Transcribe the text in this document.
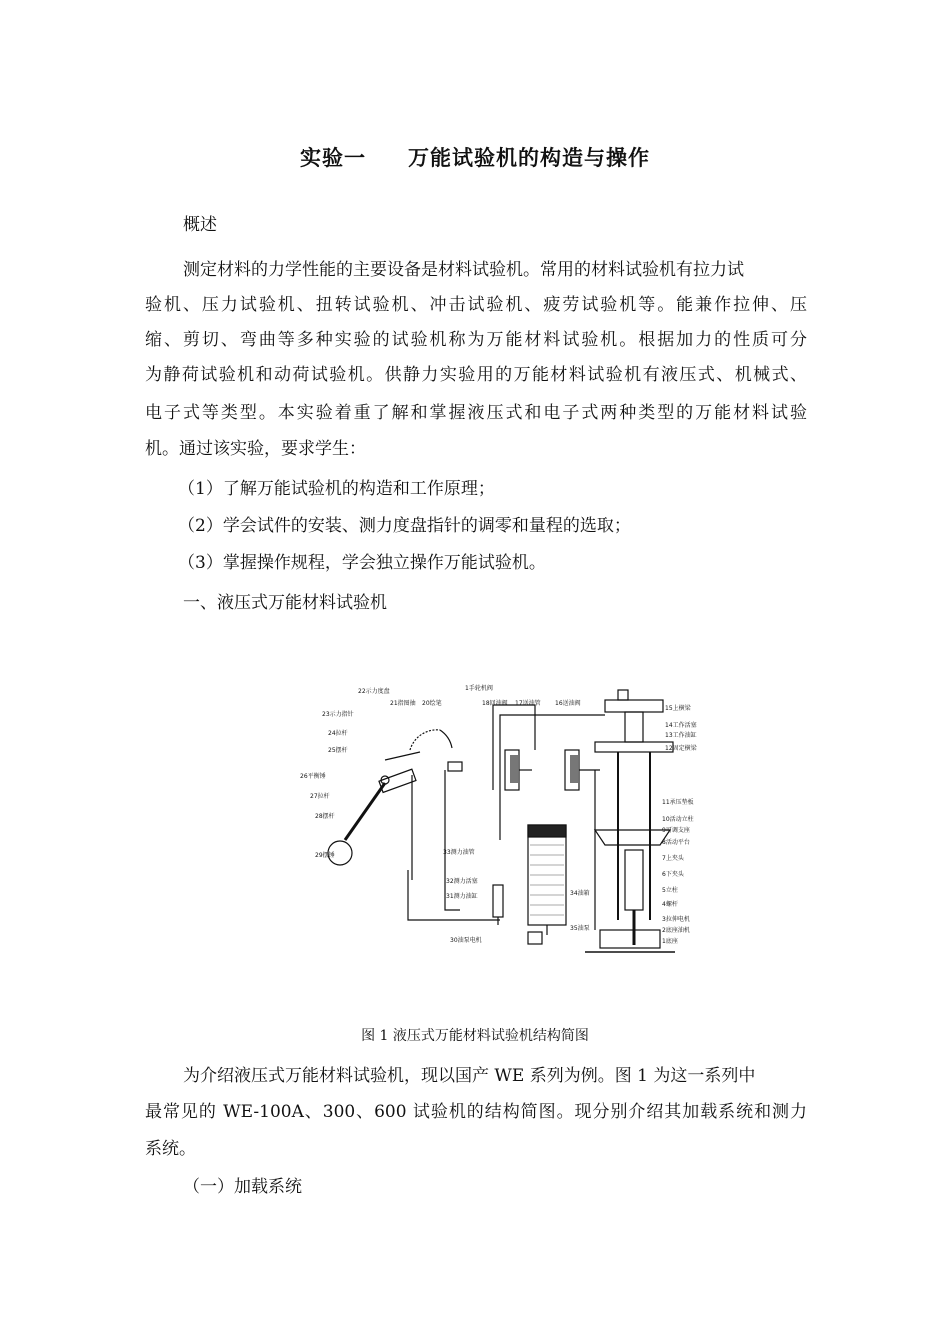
实验一 万能试验机的构造与操作
概述
测定材料的力学性能的主要设备是材料试验机。常用的材料试验机有拉力试
验机、压力试验机、扭转试验机、冲击试验机、疲劳试验机等。能兼作拉伸、压
缩、剪切、弯曲等多种实验的试验机称为万能材料试验机。根据加力的性质可分
为静荷试验机和动荷试验机。供静力实验用的万能材料试验机有液压式、机械式、
电子式等类型。本实验着重了解和掌握液压式和电子式两种类型的万能材料试验
机。通过该实验，要求学生：
（1）了解万能试验机的构造和工作原理；
（2）学会试件的安装、测力度盘指针的调零和量程的选取；
（3）掌握操作规程，学会独立操作万能试验机。
一、液压式万能材料试验机
22示力度盘
21指图抽 20绘笔
23示力指针
24拉杆
25摆杆
26平衡锤
27拉杆
28摆杆
29摆锤
1手轮机阀
18回油阀 17送油管 16送油阀
15上横梁
14工作活塞
13工作油缸
12固定横梁
11承压垫板
10活动立柱
9可调支座
8活动平台
7上夹头
6下夹头
5立柱
4螺杆
3拉伸电机
2底座油机
1底座
33测力油管
32测力活塞
31测力油缸	34油箱
30油泵电机
35油泵
图 1 液压式万能材料试验机结构简图
为介绍液压式万能材料试验机，现以国产 WE 系列为例。图 1 为这一系列中
最常见的 WE-100A、300、600 试验机的结构简图。现分别介绍其加载系统和测力
系统。
（一）加载系统
